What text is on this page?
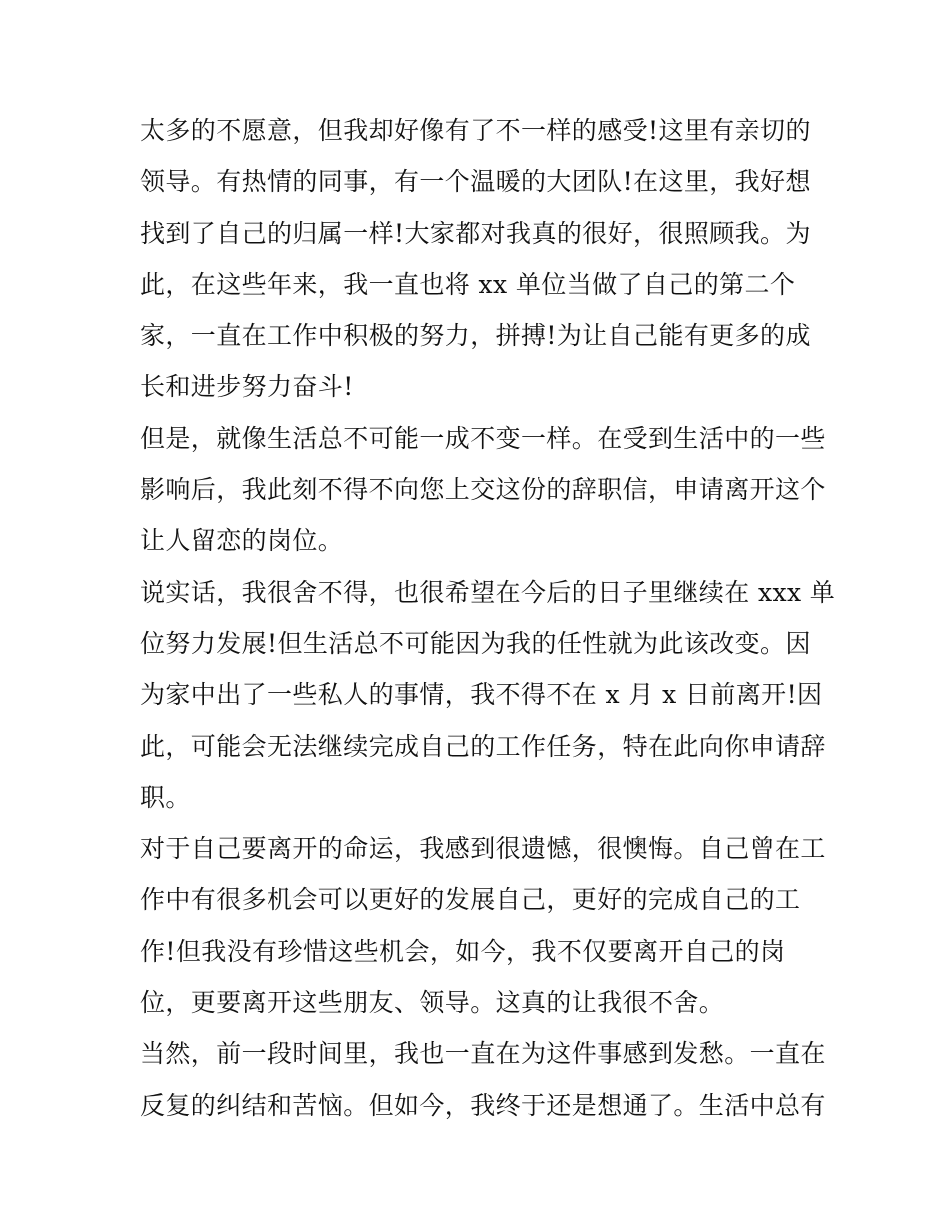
太多的不愿意，但我却好像有了不一样的感受!这里有亲切的
领导。有热情的同事，有一个温暖的大团队!在这里，我好想
找到了自己的归属一样!大家都对我真的很好，很照顾我。为
此，在这些年来，我一直也将 xx 单位当做了自己的第二个
家，一直在工作中积极的努力，拼搏!为让自己能有更多的成
长和进步努力奋斗!
但是，就像生活总不可能一成不变一样。在受到生活中的一些
影响后，我此刻不得不向您上交这份的辞职信，申请离开这个
让人留恋的岗位。
说实话，我很舍不得，也很希望在今后的日子里继续在 xxx 单
位努力发展!但生活总不可能因为我的任性就为此该改变。因
为家中出了一些私人的事情，我不得不在 x 月 x 日前离开!因
此，可能会无法继续完成自己的工作任务，特在此向你申请辞
职。
对于自己要离开的命运，我感到很遗憾，很懊悔。自己曾在工
作中有很多机会可以更好的发展自己，更好的完成自己的工
作!但我没有珍惜这些机会，如今，我不仅要离开自己的岗
位，更要离开这些朋友、领导。这真的让我很不舍。
当然，前一段时间里，我也一直在为这件事感到发愁。一直在
反复的纠结和苦恼。但如今，我终于还是想通了。生活中总有
